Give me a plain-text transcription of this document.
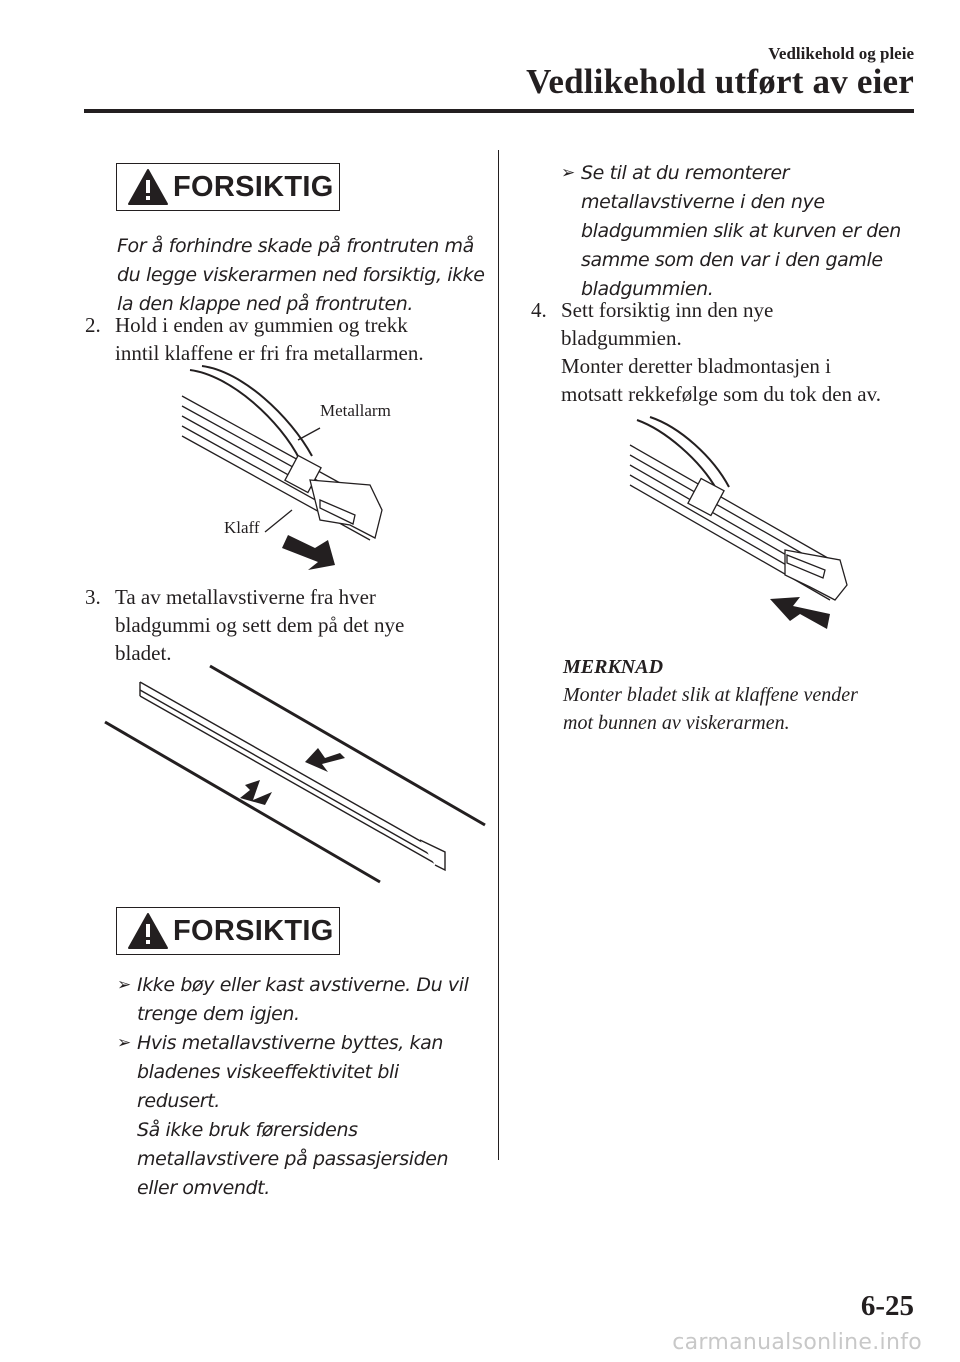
Vedlikehold og pleie
Vedlikehold utført av eier
FORSIKTIG
For å forhindre skade på frontruten må
du legge viskerarmen ned forsiktig, ikke
la den klappe ned på frontruten.
2. Hold i enden av gummien og trekk
inntil klaffene er fri fra metallarmen.
Metallarm
Klaff
3. Ta av metallavstiverne fra hver
bladgummi og sett dem på det nye
bladet.
FORSIKTIG
➢ Ikke bøy eller kast avstiverne. Du vil
trenge dem igjen.
➢ Hvis metallavstiverne byttes, kan
bladenes viskeeffektivitet bli redusert.
Så ikke bruk førersidens
metallavstivere på passasjersiden
eller omvendt.
➢ Se til at du remonterer
metallavstiverne i den nye
bladgummien slik at kurven er den
samme som den var i den gamle
bladgummien.
4. Sett forsiktig inn den nye
bladgummien.
Monter deretter bladmontasjen i
motsatt rekkefølge som du tok den av.
MERKNAD
Monter bladet slik at klaffene vender
mot bunnen av viskerarmen.
6-25
carmanualsonline.info
